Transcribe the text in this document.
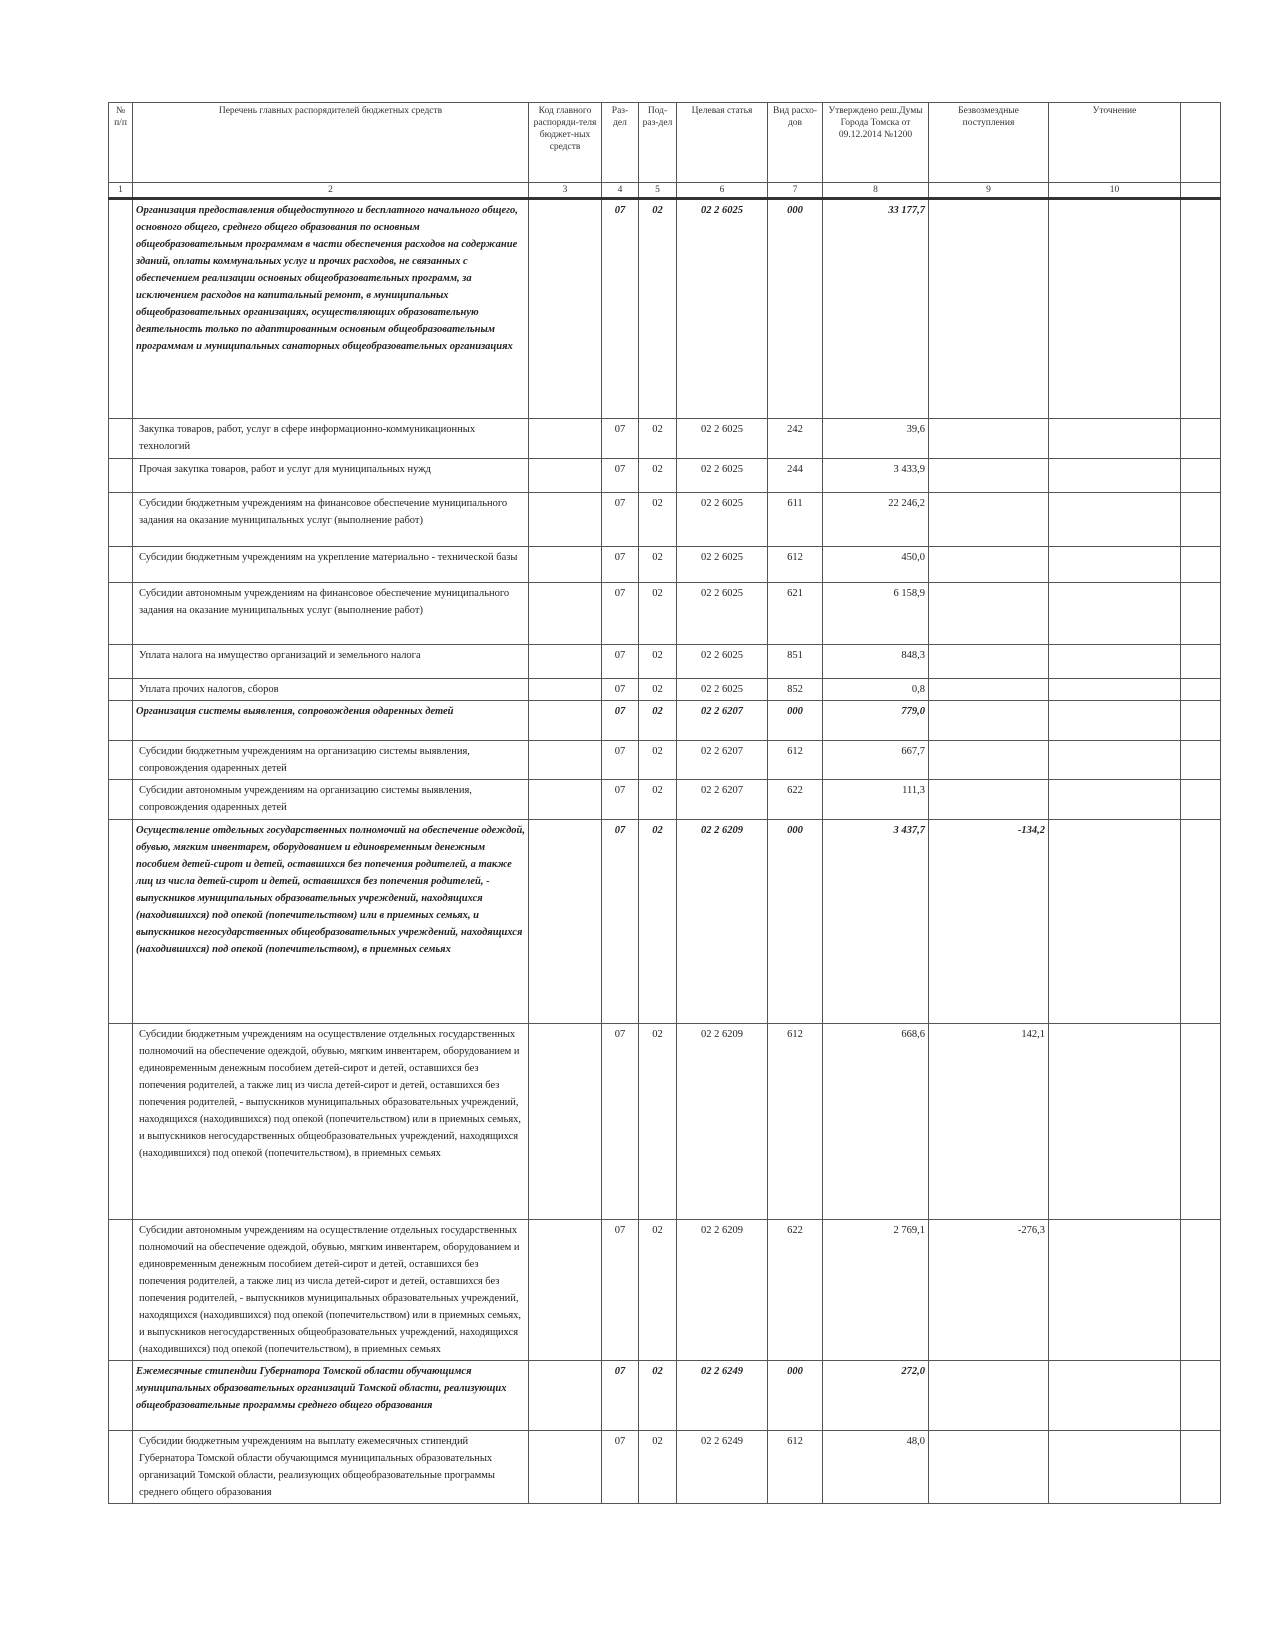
№ п/п	Перечень главных распорядителей бюджетных средств	Код главного распоряди-теля бюджет-ных средств	Раз-дел	Под-раз-дел	Целевая статья	Вид расхо-дов	Утверждено реш.Думы Города Томска от 09.12.2014 №1200	Безвозмездные поступления	Уточнение	
1	2	3	4	5	6	7	8	9	10	
	Организация предоставления общедоступного и бесплатного начального общего, основного общего, среднего общего образования по основным общеобразовательным программам в части обеспечения расходов на содержание зданий, оплаты коммунальных услуг и прочих расходов, не связанных с обеспечением реализации основных общеобразовательных программ, за исключением расходов на капитальный ремонт, в муниципальных общеобразовательных организациях, осуществляющих образовательную деятельность только по адаптированным основным общеобразовательным программам и муниципальных санаторных общеобразовательных организациях		07	02	02 2 6025	000	33 177,7			
	Закупка товаров, работ, услуг в сфере информационно-коммуникационных технологий		07	02	02 2 6025	242	39,6			
	Прочая закупка товаров, работ и услуг для муниципальных нужд		07	02	02 2 6025	244	3 433,9			
	Субсидии бюджетным учреждениям на финансовое обеспечение муниципального задания на оказание муниципальных услуг (выполнение работ)		07	02	02 2 6025	611	22 246,2			
	Субсидии бюджетным учреждениям на укрепление материально - технической базы		07	02	02 2 6025	612	450,0			
	Субсидии автономным учреждениям на финансовое обеспечение муниципального задания на оказание муниципальных услуг (выполнение работ)		07	02	02 2 6025	621	6 158,9			
	Уплата налога на имущество организаций и земельного налога		07	02	02 2 6025	851	848,3			
	Уплата прочих налогов, сборов		07	02	02 2 6025	852	0,8			
	Организация системы выявления, сопровождения одаренных детей		07	02	02 2 6207	000	779,0			
	Субсидии бюджетным учреждениям на организацию системы выявления, сопровождения одаренных детей		07	02	02 2 6207	612	667,7			
	Субсидии автономным учреждениям на организацию системы выявления, сопровождения одаренных детей		07	02	02 2 6207	622	111,3			
	Осуществление отдельных государственных полномочий на обеспечение одеждой, обувью, мягким инвентарем, оборудованием и единовременным денежным пособием детей-сирот и детей, оставшихся без попечения родителей, а также лиц из числа детей-сирот и детей, оставшихся без попечения родителей, - выпускников муниципальных образовательных учреждений, находящихся (находившихся) под опекой (попечительством) или в приемных семьях, и выпускников негосударственных общеобразовательных учреждений, находящихся (находившихся) под опекой (попечительством), в приемных семьях		07	02	02 2 6209	000	3 437,7	-134,2		
	Субсидии бюджетным учреждениям на осуществление отдельных государственных полномочий на обеспечение одеждой, обувью, мягким инвентарем, оборудованием и единовременным денежным пособием детей-сирот и детей, оставшихся без попечения родителей, а также лиц из числа детей-сирот и детей, оставшихся без попечения родителей, - выпускников муниципальных образовательных учреждений, находящихся (находившихся) под опекой (попечительством) или в приемных семьях, и выпускников негосударственных общеобразовательных учреждений, находящихся (находившихся) под опекой (попечительством), в приемных семьях		07	02	02 2 6209	612	668,6	142,1		
	Субсидии автономным учреждениям на осуществление отдельных государственных полномочий на обеспечение одеждой, обувью, мягким инвентарем, оборудованием и единовременным денежным пособием детей-сирот и детей, оставшихся без попечения родителей, а также лиц из числа детей-сирот и детей, оставшихся без попечения родителей, - выпускников муниципальных образовательных учреждений, находящихся (находившихся) под опекой (попечительством) или в приемных семьях, и выпускников негосударственных общеобразовательных учреждений, находящихся (находившихся) под опекой (попечительством), в приемных семьях		07	02	02 2 6209	622	2 769,1	-276,3		
	Ежемесячные стипендии Губернатора Томской области обучающимся муниципальных образовательных организаций Томской области, реализующих общеобразовательные программы среднего общего образования		07	02	02 2 6249	000	272,0			
	Субсидии бюджетным учреждениям на выплату ежемесячных стипендий Губернатора Томской области обучающимся муниципальных образовательных организаций Томской области, реализующих общеобразовательные программы среднего общего образования		07	02	02 2 6249	612	48,0			
